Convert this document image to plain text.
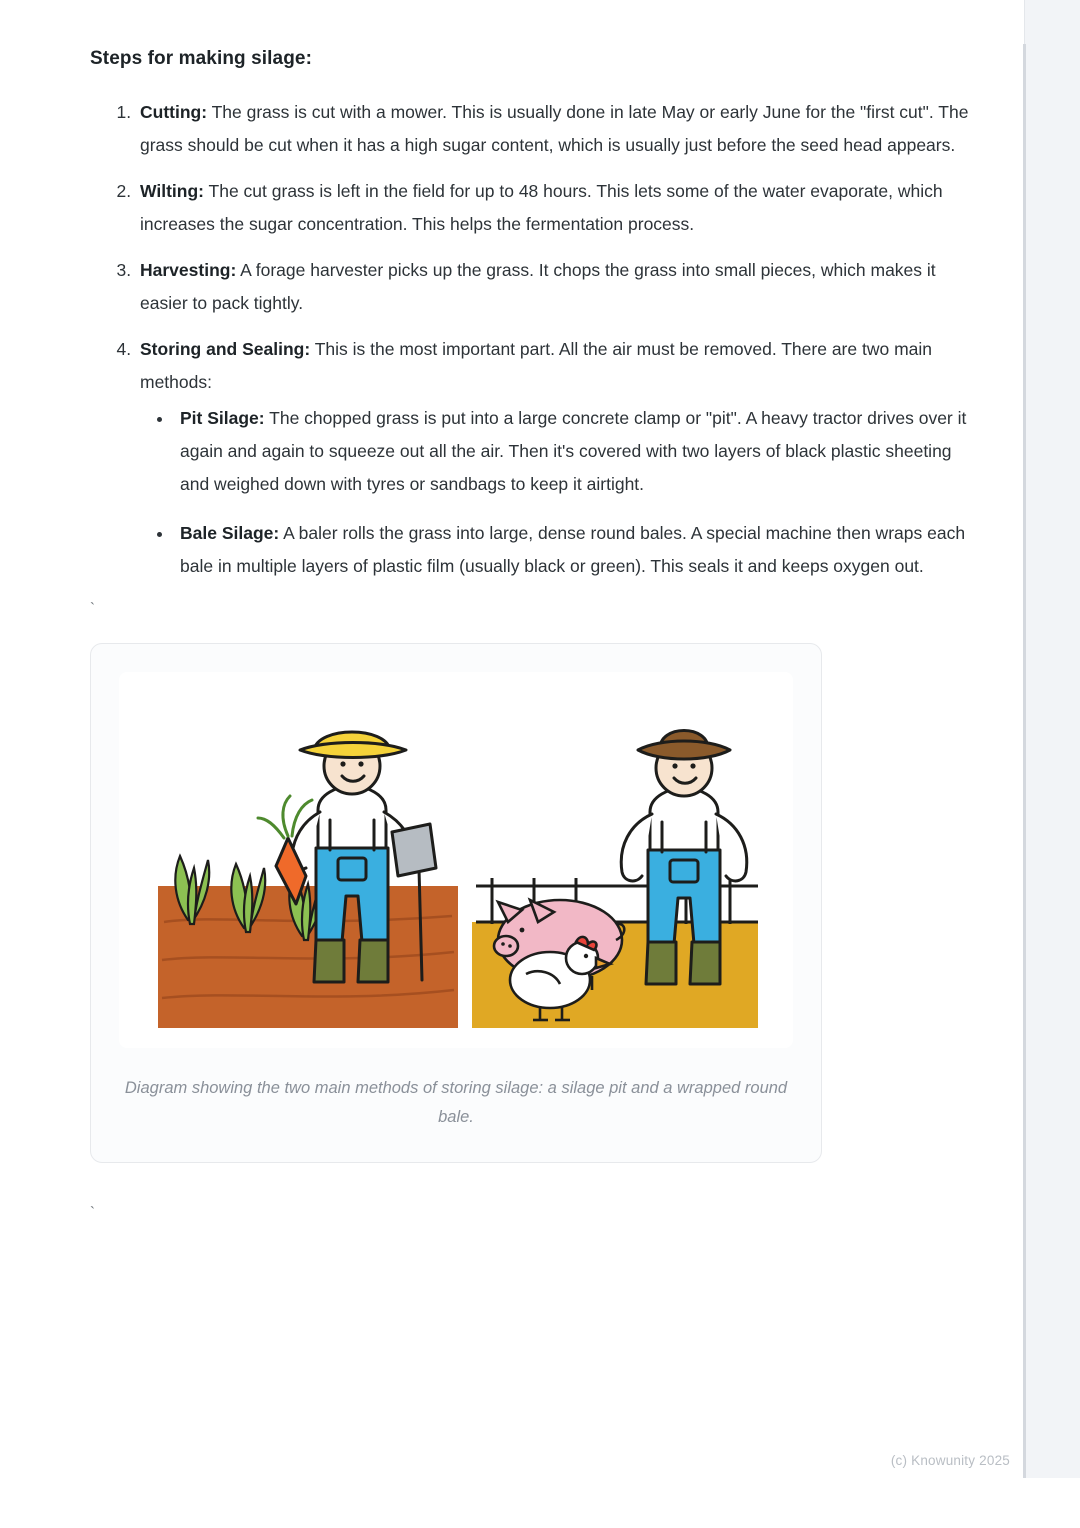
Steps for making silage:
1. Cutting: The grass is cut with a mower. This is usually done in late May or early June for the "first cut". The grass should be cut when it has a high sugar content, which is usually just before the seed head appears.
2. Wilting: The cut grass is left in the field for up to 48 hours. This lets some of the water evaporate, which increases the sugar concentration. This helps the fermentation process.
3. Harvesting: A forage harvester picks up the grass. It chops the grass into small pieces, which makes it easier to pack tightly.
4. Storing and Sealing: This is the most important part. All the air must be removed. There are two main methods:
• Pit Silage: The chopped grass is put into a large concrete clamp or "pit". A heavy tractor drives over it again and again to squeeze out all the air. Then it's covered with two layers of black plastic sheeting and weighed down with tyres or sandbags to keep it airtight.
• Bale Silage: A baler rolls the grass into large, dense round bales. A special machine then wraps each bale in multiple layers of plastic film (usually black or green). This seals it and keeps oxygen out.
`
Diagram showing the two main methods of storing silage: a silage pit and a wrapped round bale.
`
(c) Knowunity 2025
